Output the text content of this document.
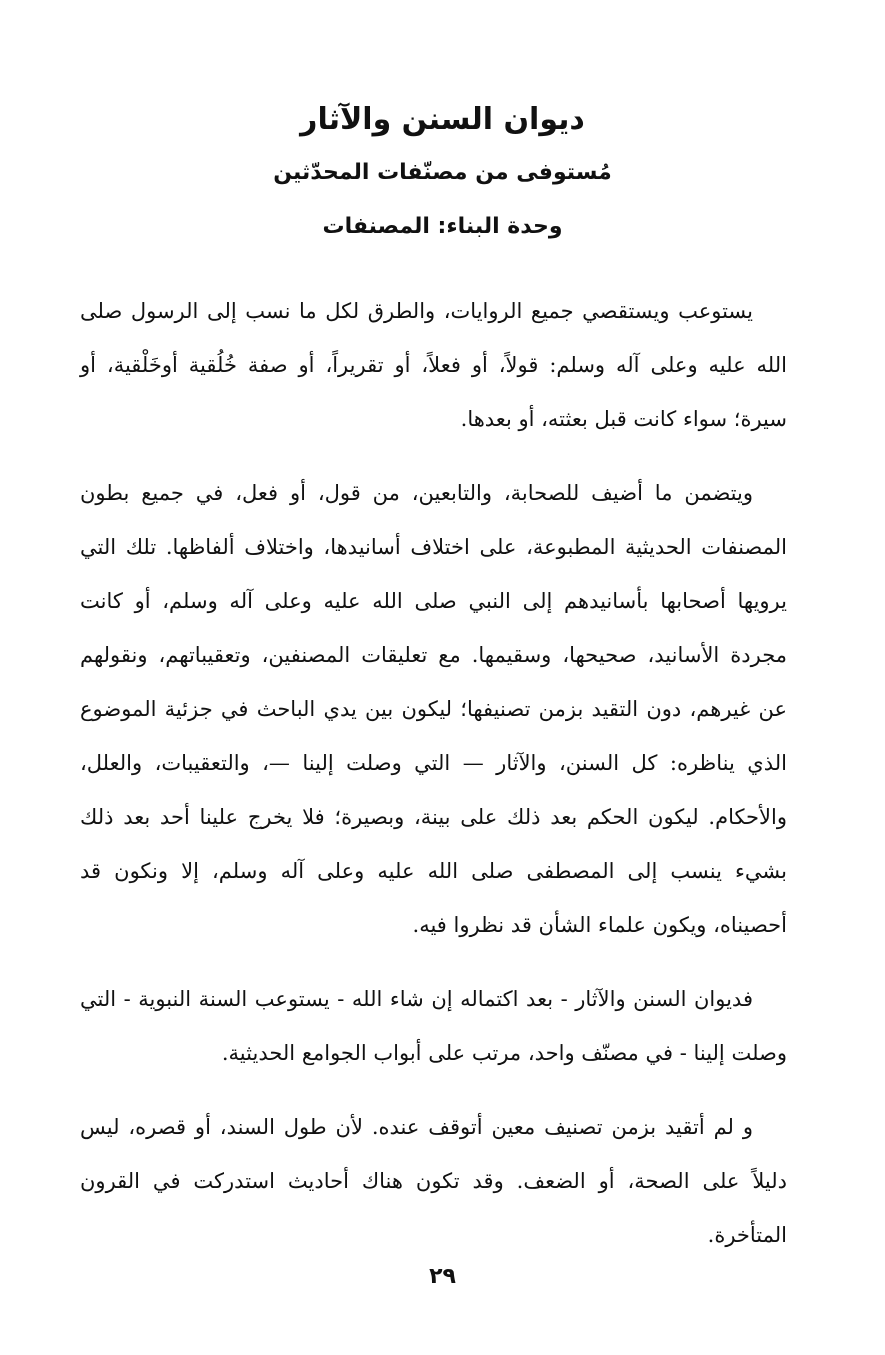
ديوان السنن والآثار
مُستوفى من مصنّفات المحدّثين
وحدة البناء: المصنفات

يستوعب ويستقصي جميع الروايات، والطرق لكل ما نسب إلى الرسول صلى الله عليه وعلى آله وسلم: قولاً، أو فعلاً، أو تقريراً، أو صفة خُلُقية أوخَلْقية، أو سيرة؛ سواء كانت قبل بعثته، أو بعدها.

ويتضمن ما أضيف للصحابة، والتابعين، من قول، أو فعل، في جميع بطون المصنفات الحديثية المطبوعة، على اختلاف أسانيدها، واختلاف ألفاظها. تلك التي يرويها أصحابها بأسانيدهم إلى النبي صلى الله عليه وعلى آله وسلم، أو كانت مجردة الأسانيد، صحيحها، وسقيمها. مع تعليقات المصنفين، وتعقيباتهم، ونقولهم عن غيرهم، دون التقيد بزمن تصنيفها؛ ليكون بين يدي الباحث في جزئية الموضوع الذي يناظره: كل السنن، والآثار — التي وصلت إلينا —، والتعقيبات، والعلل، والأحكام. ليكون الحكم بعد ذلك على بينة، وبصيرة؛ فلا يخرج علينا أحد بعد ذلك بشيء ينسب إلى المصطفى صلى الله عليه وعلى آله وسلم، إلا ونكون قد أحصيناه، ويكون علماء الشأن قد نظروا فيه.

فديوان السنن والآثار - بعد اكتماله إن شاء الله - يستوعب السنة النبوية - التي وصلت إلينا - في مصنّف واحد، مرتب على أبواب الجوامع الحديثية.

و لم أتقيد بزمن تصنيف معين أتوقف عنده. لأن طول السند، أو قصره، ليس دليلاً على الصحة، أو الضعف. وقد تكون هناك أحاديث استدركت في القرون المتأخرة.

٢٩
